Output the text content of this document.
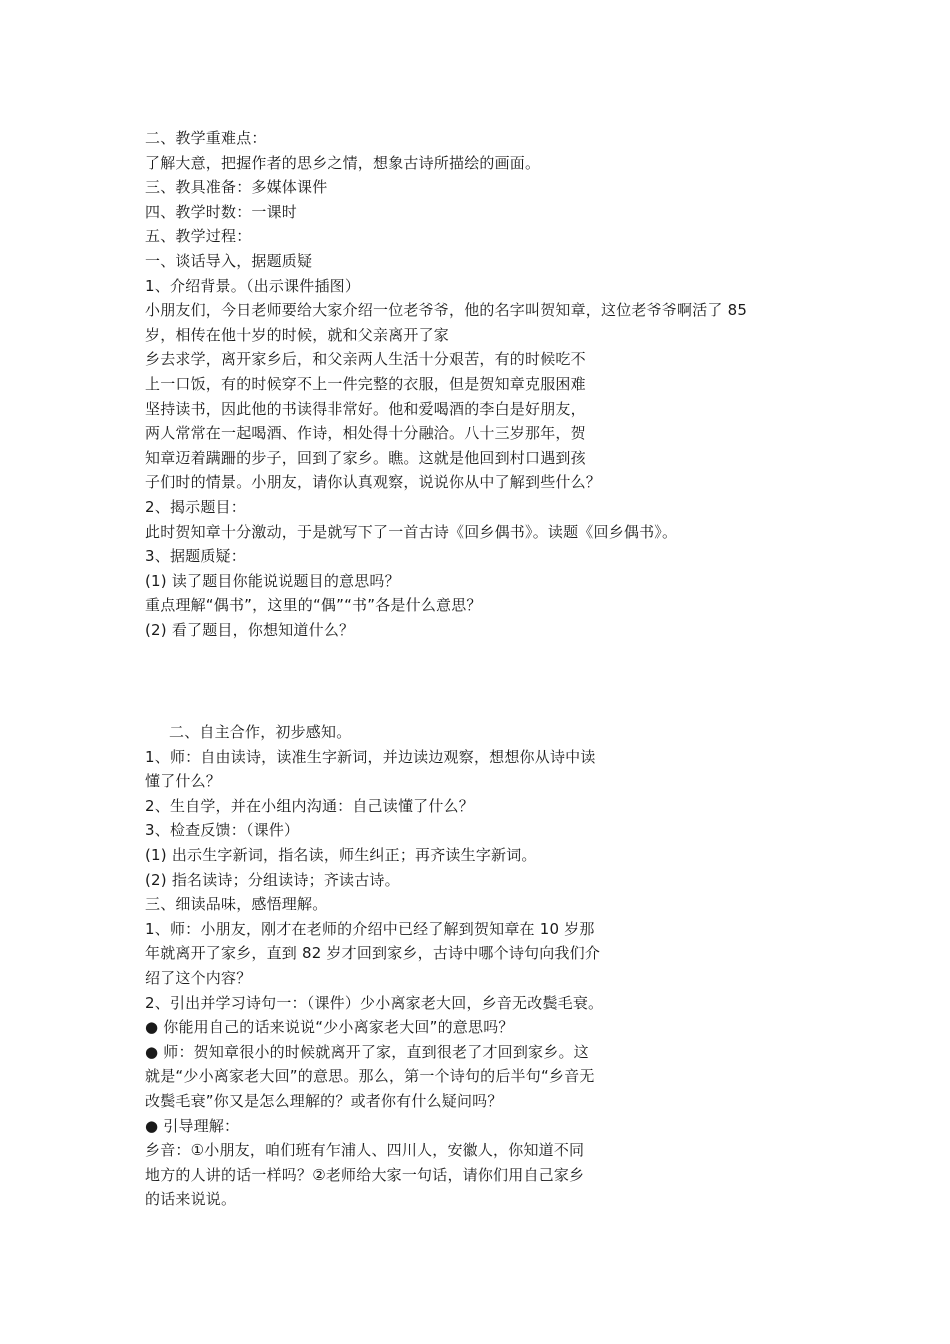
二、教学重难点：
了解大意，把握作者的思乡之情，想象古诗所描绘的画面。
三、教具准备：多媒体课件
四、教学时数：一课时
五、教学过程：
一、谈话导入，据题质疑
1、介绍背景。（出示课件插图）
小朋友们，今日老师要给大家介绍一位老爷爷，他的名字叫贺知章，这位老爷爷啊活了 85
岁，相传在他十岁的时候，就和父亲离开了家
乡去求学，离开家乡后，和父亲两人生活十分艰苦，有的时候吃不
上一口饭，有的时候穿不上一件完整的衣服，但是贺知章克服困难
坚持读书，因此他的书读得非常好。他和爱喝酒的李白是好朋友，
两人常常在一起喝酒、作诗，相处得十分融洽。八十三岁那年，贺
知章迈着蹒跚的步子，回到了家乡。瞧。这就是他回到村口遇到孩
子们时的情景。小朋友，请你认真观察，说说你从中了解到些什么？
2、揭示题目：
此时贺知章十分激动，于是就写下了一首古诗《回乡偶书》。读题《回乡偶书》。
3、据题质疑：
(1) 读了题目你能说说题目的意思吗？
重点理解“偶书”，这里的“偶”“书”各是什么意思？
(2) 看了题目，你想知道什么？
二、自主合作，初步感知。
1、师：自由读诗，读准生字新词，并边读边观察，想想你从诗中读
懂了什么？
2、生自学，并在小组内沟通：自己读懂了什么？
3、检查反馈：（课件）
(1) 出示生字新词，指名读，师生纠正；再齐读生字新词。
(2) 指名读诗；分组读诗；齐读古诗。
三、细读品味，感悟理解。
1、师：小朋友，刚才在老师的介绍中已经了解到贺知章在 10 岁那
年就离开了家乡，直到 82 岁才回到家乡，古诗中哪个诗句向我们介
绍了这个内容？
2、引出并学习诗句一：（课件）少小离家老大回，乡音无改鬓毛衰。
● 你能用自己的话来说说“少小离家老大回”的意思吗？
● 师：贺知章很小的时候就离开了家，直到很老了才回到家乡。这
就是“少小离家老大回”的意思。那么，第一个诗句的后半句“乡音无
改鬓毛衰”你又是怎么理解的？或者你有什么疑问吗？
● 引导理解：
乡音：①小朋友，咱们班有乍浦人、四川人，安徽人，你知道不同
地方的人讲的话一样吗？②老师给大家一句话，请你们用自己家乡
的话来说说。
